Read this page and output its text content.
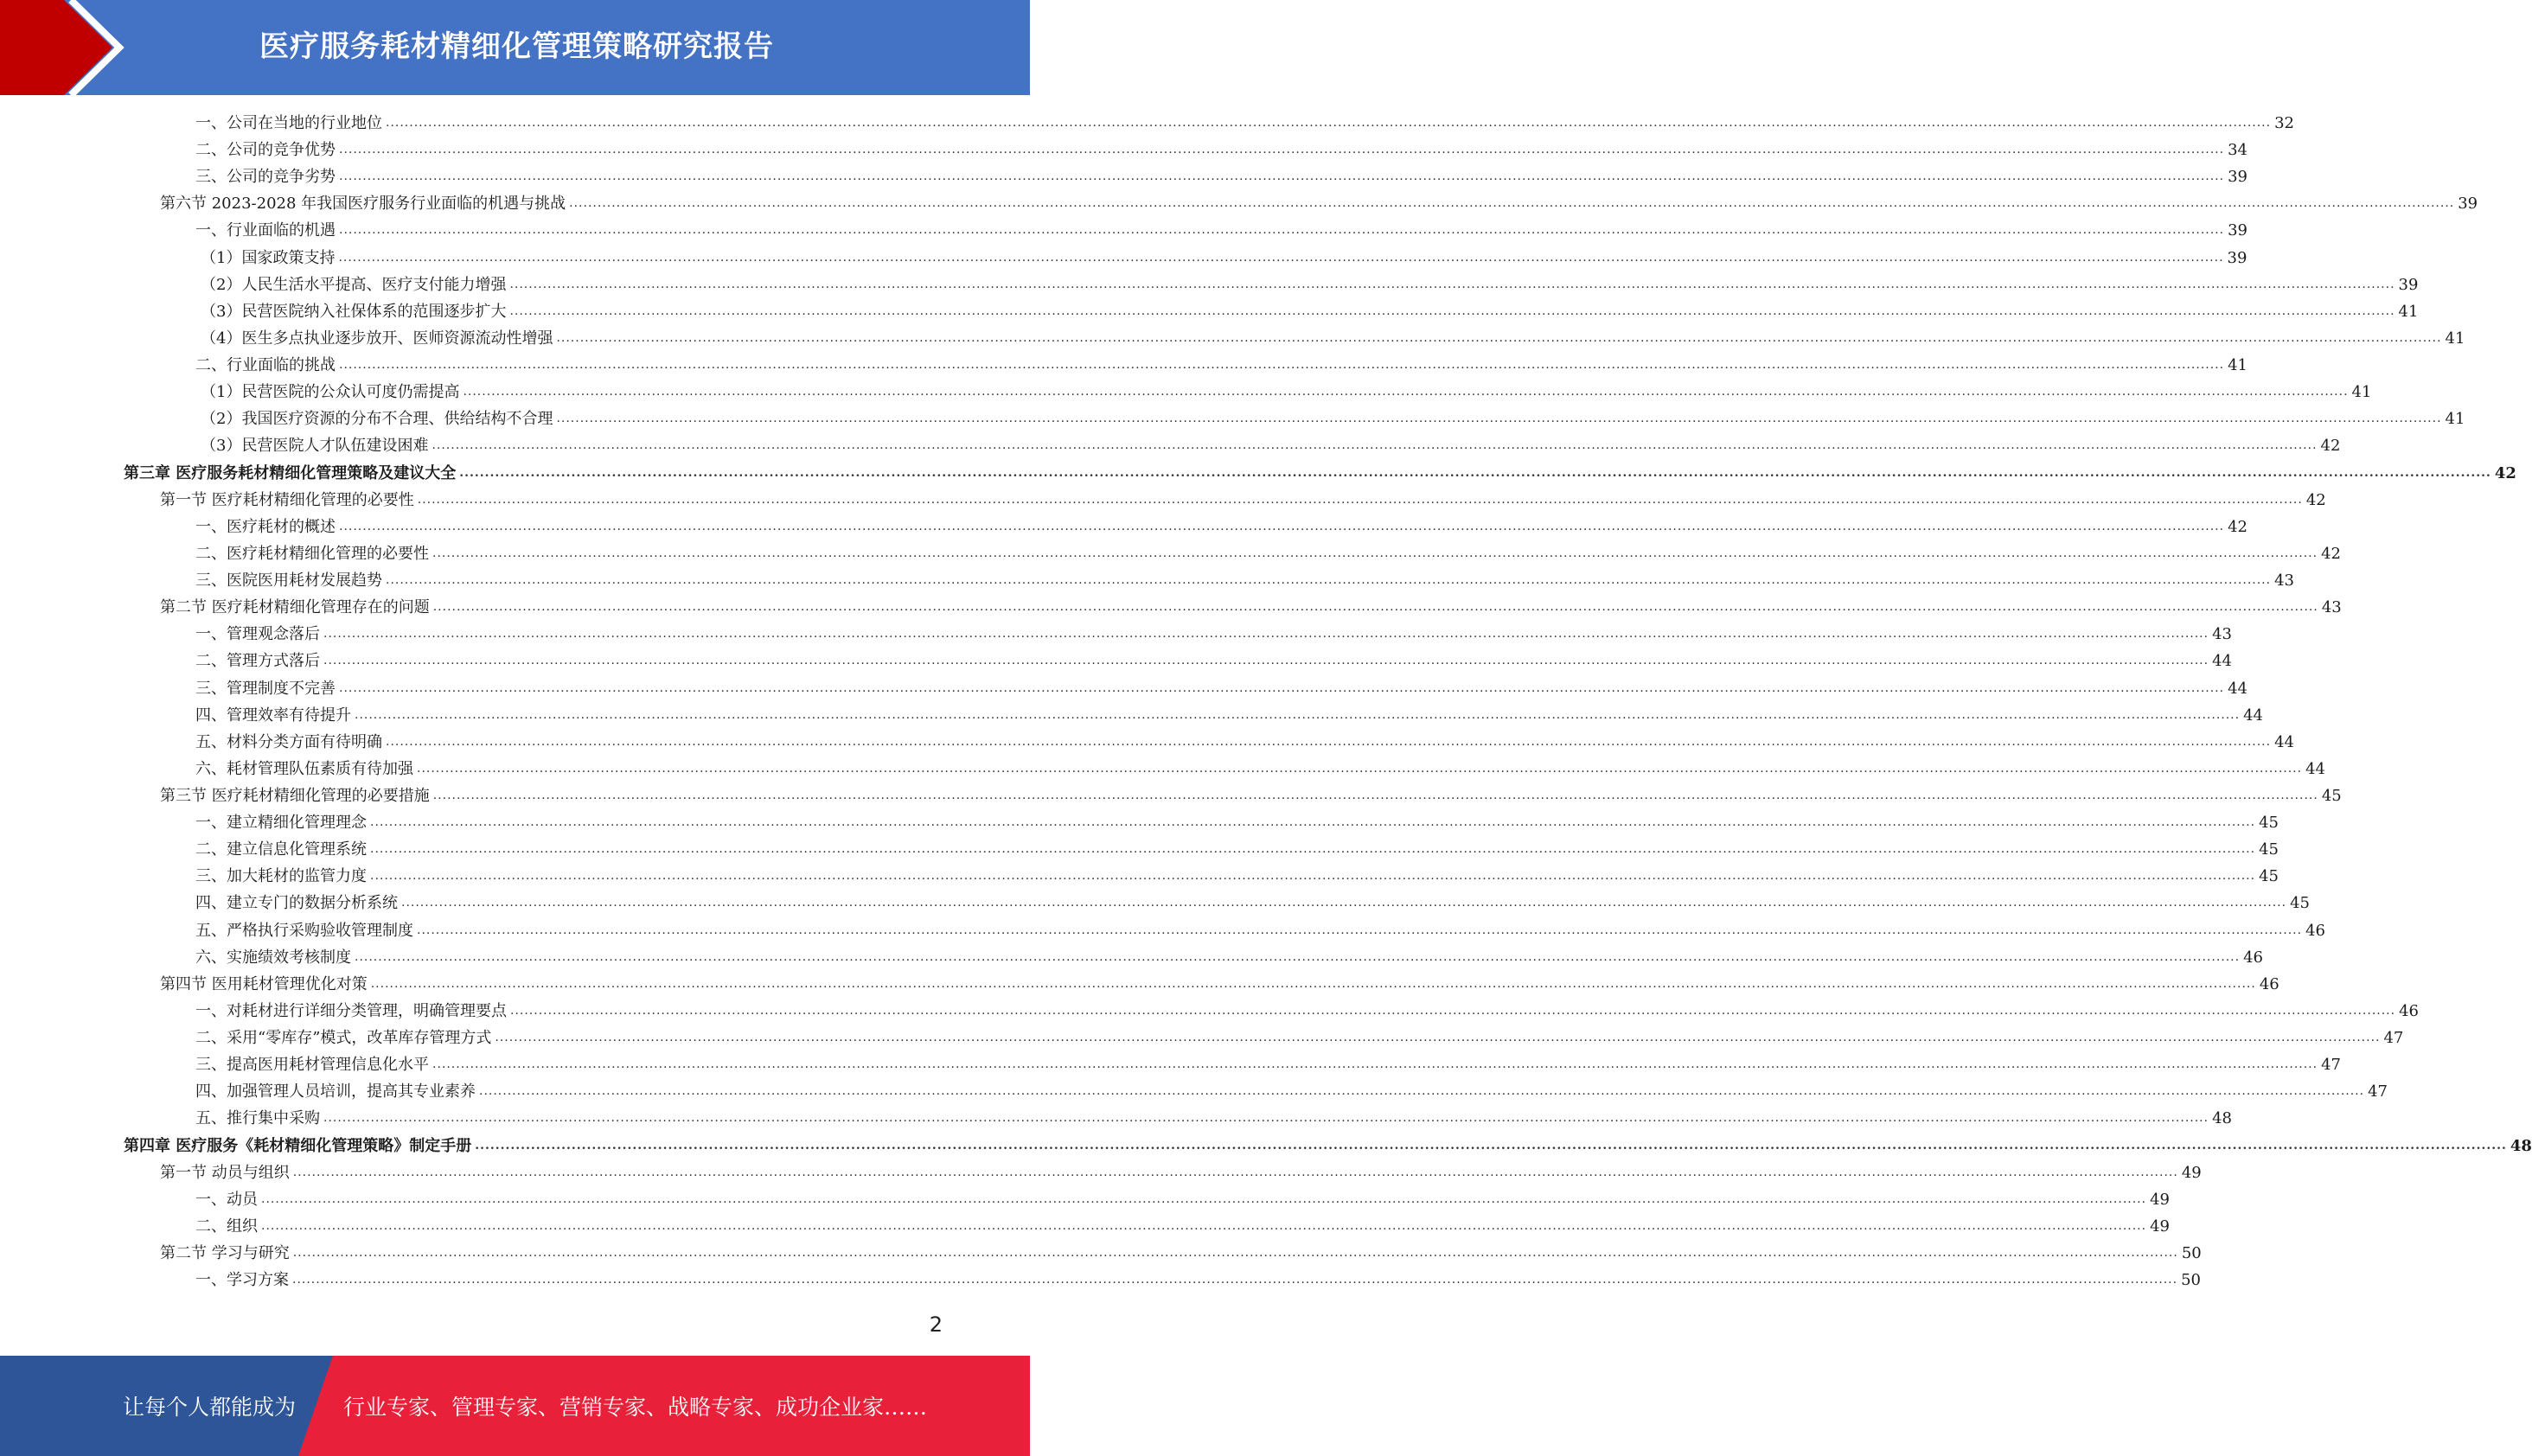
医疗服务耗材精细化管理策略研究报告
一、公司在当地的行业地位 ................................................................................................................................................................................................................................................................................................................................................................................................................ 32
二、公司的竞争优势 ................................................................................................................................................................................................................................................................................................................................................................................................................ 34
三、公司的竞争劣势 ................................................................................................................................................................................................................................................................................................................................................................................................................ 39
第六节 2023-2028 年我国医疗服务行业面临的机遇与挑战 ................................................................................................................................................................................................................................................................................................................................................................................................................ 39
一、行业面临的机遇 ................................................................................................................................................................................................................................................................................................................................................................................................................ 39
（1）国家政策支持 ................................................................................................................................................................................................................................................................................................................................................................................................................ 39
（2）人民生活水平提高、医疗支付能力增强 ................................................................................................................................................................................................................................................................................................................................................................................................................ 39
（3）民营医院纳入社保体系的范围逐步扩大 ................................................................................................................................................................................................................................................................................................................................................................................................................ 41
（4）医生多点执业逐步放开、医师资源流动性增强 ................................................................................................................................................................................................................................................................................................................................................................................................................ 41
二、行业面临的挑战 ................................................................................................................................................................................................................................................................................................................................................................................................................ 41
（1）民营医院的公众认可度仍需提高 ................................................................................................................................................................................................................................................................................................................................................................................................................ 41
（2）我国医疗资源的分布不合理、供给结构不合理 ................................................................................................................................................................................................................................................................................................................................................................................................................ 41
（3）民营医院人才队伍建设困难 ................................................................................................................................................................................................................................................................................................................................................................................................................ 42
第三章 医疗服务耗材精细化管理策略及建议大全 ................................................................................................................................................................................................................................................................................................................................................................................................................ 42
第一节 医疗耗材精细化管理的必要性 ................................................................................................................................................................................................................................................................................................................................................................................................................ 42
一、医疗耗材的概述 ................................................................................................................................................................................................................................................................................................................................................................................................................ 42
二、医疗耗材精细化管理的必要性 ................................................................................................................................................................................................................................................................................................................................................................................................................ 42
三、医院医用耗材发展趋势 ................................................................................................................................................................................................................................................................................................................................................................................................................ 43
第二节 医疗耗材精细化管理存在的问题 ................................................................................................................................................................................................................................................................................................................................................................................................................ 43
一、管理观念落后 ................................................................................................................................................................................................................................................................................................................................................................................................................ 43
二、管理方式落后 ................................................................................................................................................................................................................................................................................................................................................................................................................ 44
三、管理制度不完善 ................................................................................................................................................................................................................................................................................................................................................................................................................ 44
四、管理效率有待提升 ................................................................................................................................................................................................................................................................................................................................................................................................................ 44
五、材料分类方面有待明确 ................................................................................................................................................................................................................................................................................................................................................................................................................ 44
六、耗材管理队伍素质有待加强 ................................................................................................................................................................................................................................................................................................................................................................................................................ 44
第三节 医疗耗材精细化管理的必要措施 ................................................................................................................................................................................................................................................................................................................................................................................................................ 45
一、建立精细化管理理念 ................................................................................................................................................................................................................................................................................................................................................................................................................ 45
二、建立信息化管理系统 ................................................................................................................................................................................................................................................................................................................................................................................................................ 45
三、加大耗材的监管力度 ................................................................................................................................................................................................................................................................................................................................................................................................................ 45
四、建立专门的数据分析系统 ................................................................................................................................................................................................................................................................................................................................................................................................................ 45
五、严格执行采购验收管理制度 ................................................................................................................................................................................................................................................................................................................................................................................................................ 46
六、实施绩效考核制度 ................................................................................................................................................................................................................................................................................................................................................................................................................ 46
第四节 医用耗材管理优化对策 ................................................................................................................................................................................................................................................................................................................................................................................................................ 46
一、对耗材进行详细分类管理，明确管理要点 ................................................................................................................................................................................................................................................................................................................................................................................................................ 46
二、采用“零库存”模式，改革库存管理方式 ................................................................................................................................................................................................................................................................................................................................................................................................................ 47
三、提高医用耗材管理信息化水平 ................................................................................................................................................................................................................................................................................................................................................................................................................ 47
四、加强管理人员培训，提高其专业素养 ................................................................................................................................................................................................................................................................................................................................................................................................................ 47
五、推行集中采购 ................................................................................................................................................................................................................................................................................................................................................................................................................ 48
第四章 医疗服务《耗材精细化管理策略》制定手册 ................................................................................................................................................................................................................................................................................................................................................................................................................ 48
第一节 动员与组织 ................................................................................................................................................................................................................................................................................................................................................................................................................ 49
一、动员 ................................................................................................................................................................................................................................................................................................................................................................................................................ 49
二、组织 ................................................................................................................................................................................................................................................................................................................................................................................................................ 49
第二节 学习与研究 ................................................................................................................................................................................................................................................................................................................................................................................................................ 50
一、学习方案 ................................................................................................................................................................................................................................................................................................................................................................................................................ 50
2
让每个人都能成为 行业专家、管理专家、营销专家、战略专家、成功企业家……
